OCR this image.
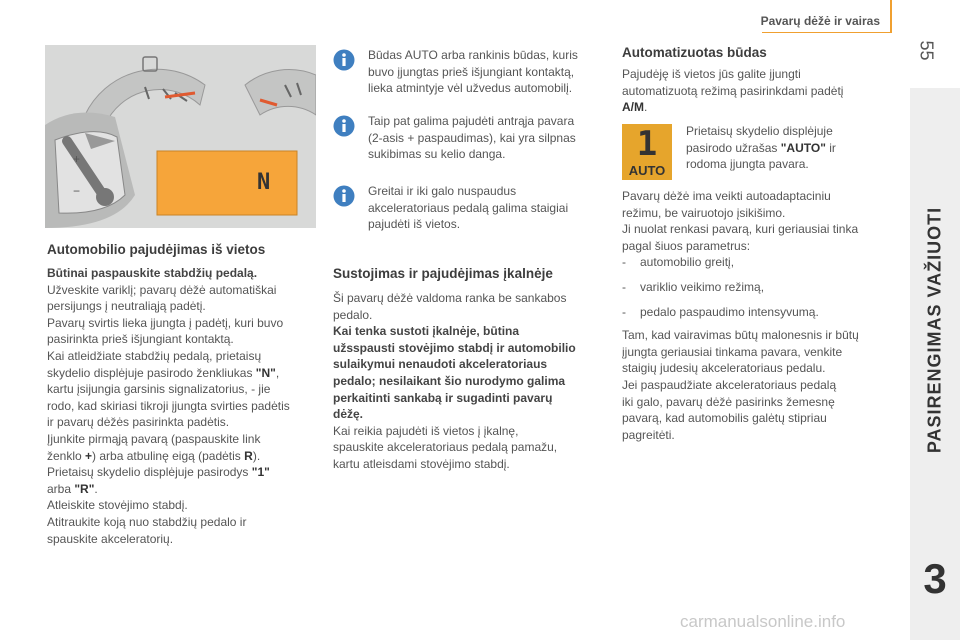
Pavarų dėžė ir vairas
55
PASIRENGIMAS VAŽIUOTI
3
+
−	N
Automobilio pajudėjimas iš vietos

Būtinai paspauskite stabdžių pedalą.

Užveskite variklį; pavarų dėžė automatiškai

persijungs į neutraliąją padėtį.

Pavarų svirtis lieka įjungta į padėtį, kuri buvo

pasirinkta prieš išjungiant kontaktą.

Kai atleidžiate stabdžių pedalą, prietaisų

skydelio displėjuje pasirodo ženkliukas "N",

kartu įsijungia garsinis signalizatorius, - jie

rodo, kad skiriasi tikroji įjungta svirties padėtis

ir pavarų dėžės pasirinkta padėtis.

Įjunkite pirmąją pavarą (paspauskite link

ženklo +) arba atbulinę eigą (padėtis R).

Prietaisų skydelio displėjuje pasirodys "1"

arba "R".

Atleiskite stovėjimo stabdį.

Atitraukite koją nuo stabdžių pedalo ir

spauskite akceleratorių.

Būdas AUTO arba rankinis būdas, kuris
buvo įjungtas prieš išjungiant kontaktą,
lieka atmintyje vėl užvedus automobilį.
Taip pat galima pajudėti antrąja pavara
(2-asis + paspaudimas), kai yra silpnas
sukibimas su kelio danga.
Greitai ir iki galo nuspaudus
akceleratoriaus pedalą galima staigiai
pajudėti iš vietos.
Sustojimas ir pajudėjimas įkalnėje

Ši pavarų dėžė valdoma ranka be sankabos

pedalo.

Kai tenka sustoti įkalnėje, būtina

užsspausti stovėjimo stabdį ir automobilio

sulaikymui nenaudoti akceleratoriaus

pedalo; nesilaikant šio nurodymo galima

perkaitinti sankabą ir sugadinti pavarų

dėžę.

Kai reikia pajudėti iš vietos į įkalnę,

spauskite akceleratoriaus pedalą pamažu,

kartu atleisdami stovėjimo stabdį.

Automatizuotas būdas

Pajudėję iš vietos jūs galite įjungti

automatizuotą režimą pasirinkdami padėtį

A/M.

1
AUTO

Prietaisų skydelio displėjuje

pasirodo užrašas "AUTO" ir

rodoma įjungta pavara.

Pavarų dėžė ima veikti autoadaptaciniu

režimu, be vairuotojo įsikišimo.

Ji nuolat renkasi pavarą, kuri geriausiai tinka

pagal šiuos parametrus:

-	automobilio greitį,

-	variklio veikimo režimą,

-	pedalo paspaudimo intensyvumą.

Tam, kad vairavimas būtų malonesnis ir būtų

įjungta geriausiai tinkama pavara, venkite

staigių judesių akceleratoriaus pedalu.

Jei paspaudžiate akceleratoriaus pedalą

iki galo, pavarų dėžė pasirinks žemesnę

pavarą, kad automobilis galėtų stipriau

pagreitėti.

carmanualsonline.info
